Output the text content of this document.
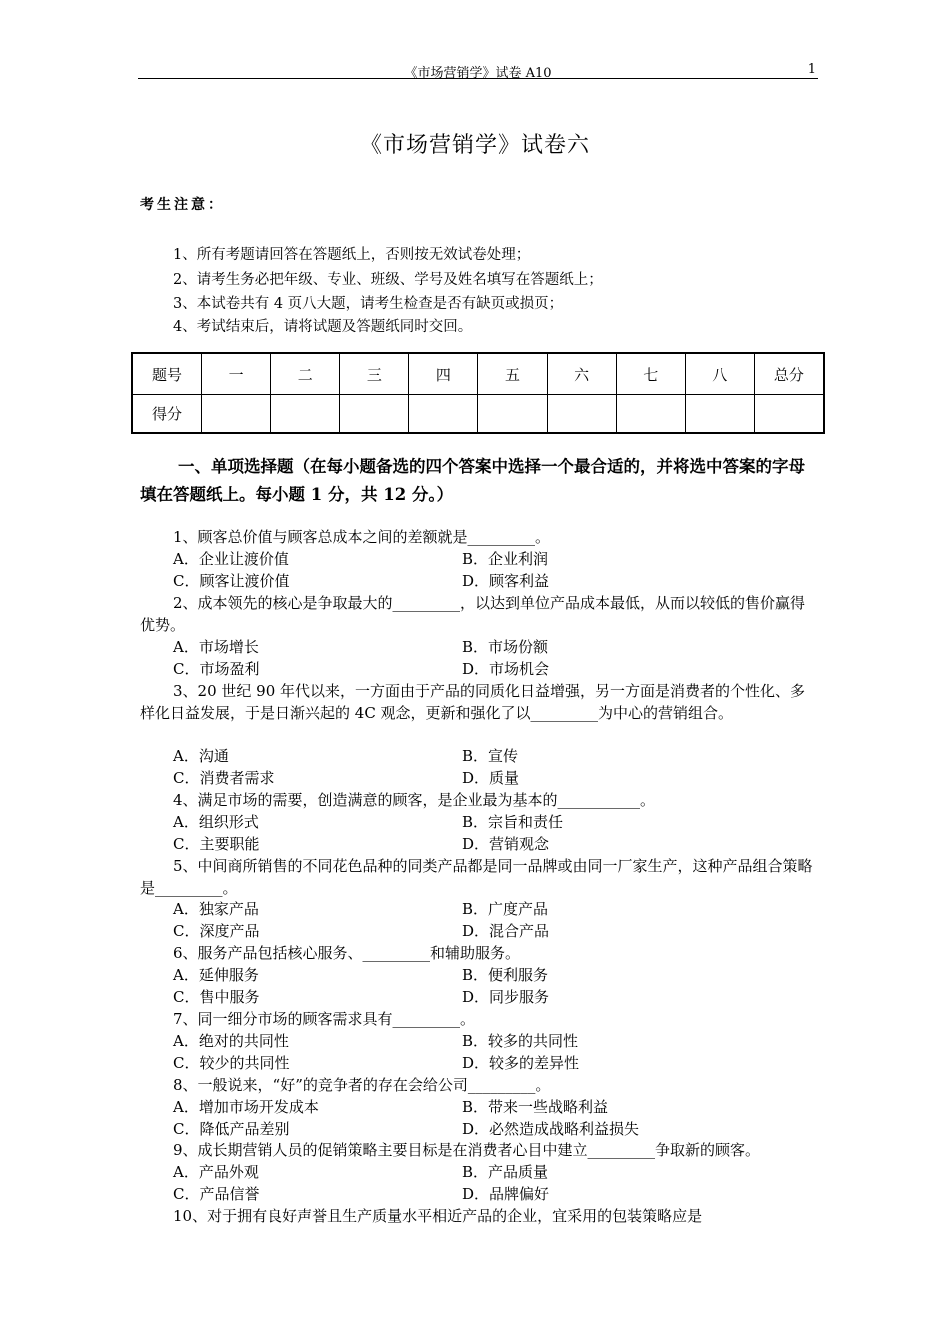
《市场营销学》试卷 A10	1
《市场营销学》试卷六
考生注意：
1、所有考题请回答在答题纸上，否则按无效试卷处理；
2、请考生务必把年级、专业、班级、学号及姓名填写在答题纸上；
3、本试卷共有 4 页八大题，请考生检查是否有缺页或损页；
4、考试结束后，请将试题及答题纸同时交回。
题号	一	二	三	四	五	六	七	八	总分
得分									
一、单项选择题（在每小题备选的四个答案中选择一个最合适的，并将选中答案的字母填在答题纸上。每小题 1 分，共 12 分。）
1、顾客总价值与顾客总成本之间的差额就是_________。
A．企业让渡价值	B．企业利润
C．顾客让渡价值	D．顾客利益
2、成本领先的核心是争取最大的_________，以达到单位产品成本最低，从而以较低的售价赢得优势。
A．市场增长	B．市场份额
C．市场盈利	D．市场机会
3、20 世纪 90 年代以来，一方面由于产品的同质化日益增强，另一方面是消费者的个性化、多样化日益发展，于是日渐兴起的 4C 观念，更新和强化了以_________为中心的营销组合。
A．沟通	B．宣传
C．消费者需求	D．质量
4、满足市场的需要，创造满意的顾客，是企业最为基本的___________。
A．组织形式	B．宗旨和责任
C．主要职能	D．营销观念
5、中间商所销售的不同花色品种的同类产品都是同一品牌或由同一厂家生产，这种产品组合策略是_________。
A．独家产品	B．广度产品
C．深度产品	D．混合产品
6、服务产品包括核心服务、_________和辅助服务。
A．延伸服务	B．便利服务
C．售中服务	D．同步服务
7、同一细分市场的顾客需求具有_________。
A．绝对的共同性	B．较多的共同性
C．较少的共同性	D．较多的差异性
8、一般说来，“好”的竞争者的存在会给公司_________。
A．增加市场开发成本	B．带来一些战略利益
C．降低产品差别	D．必然造成战略利益损失
9、成长期营销人员的促销策略主要目标是在消费者心目中建立_________争取新的顾客。
A．产品外观	B．产品质量
C．产品信誉	D．品牌偏好
10、对于拥有良好声誉且生产质量水平相近产品的企业，宜采用的包装策略应是
